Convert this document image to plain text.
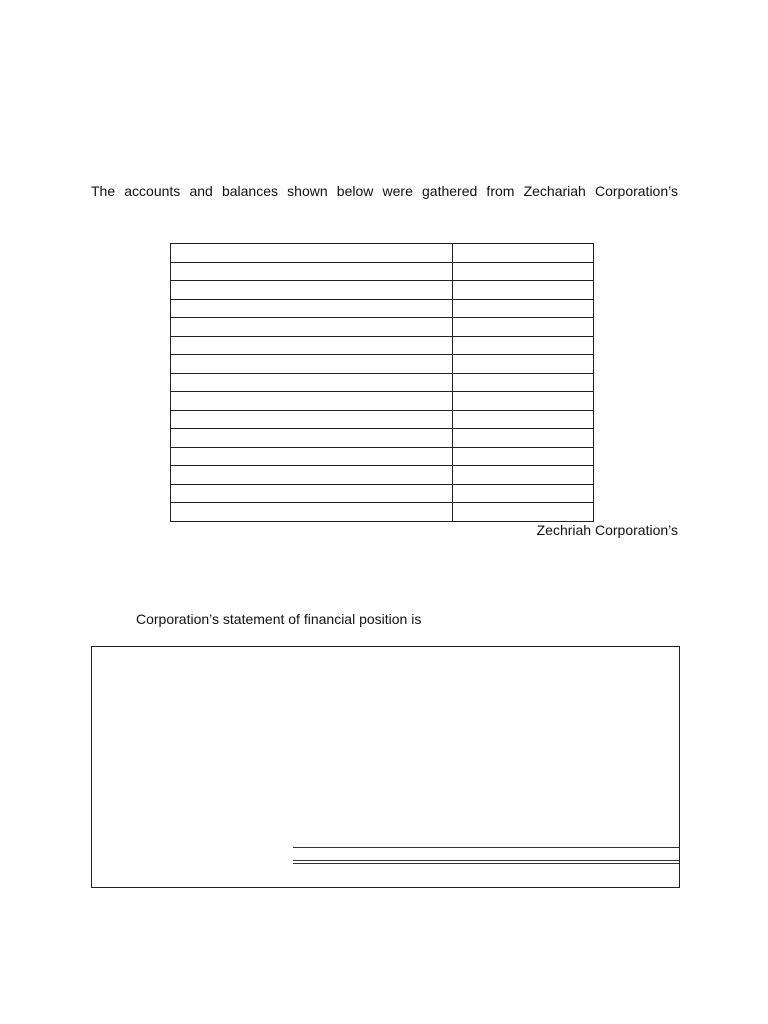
The accounts and balances shown below were gathered from Zechariah Corporation’s

Zechriah Corporation’s
Corporation’s statement of financial position is
